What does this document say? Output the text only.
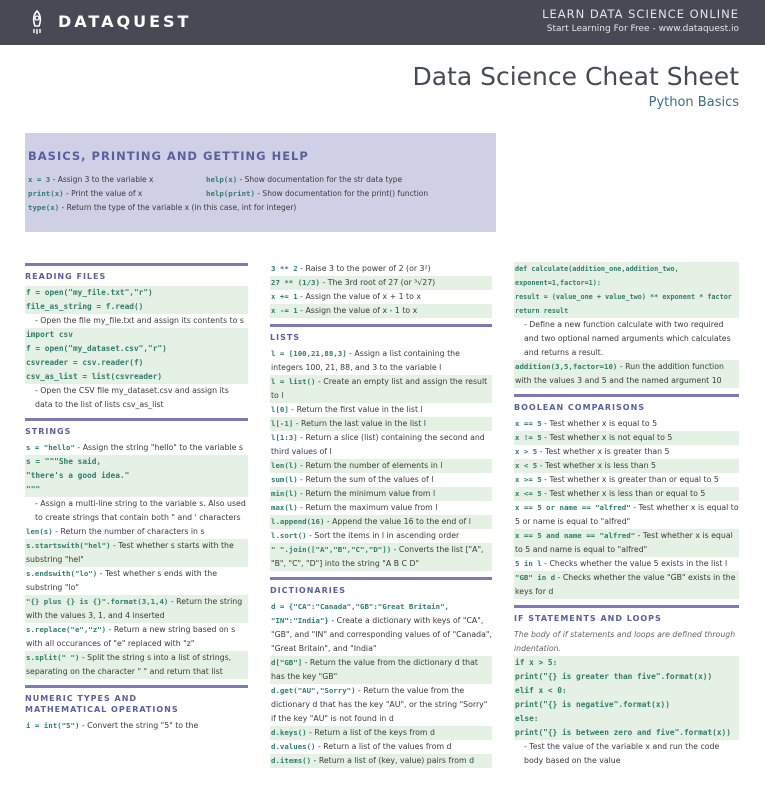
DATAQUEST	LEARN DATA SCIENCE ONLINE
Start Learning For Free - www.dataquest.io
Data Science Cheat Sheet
Python Basics
BASICS, PRINTING AND GETTING HELP
x = 3 - Assign 3 to the variable x	help(x) - Show documentation for the str data type
print(x) - Print the value of x	help(print) - Show documentation for the print() function
type(x) - Return the type of the variable x (in this case, int for integer)
READING FILES
f = open("my_file.txt","r")
file_as_string = f.read()
- Open the file my_file.txt and assign its contents to s
import csv
f = open("my_dataset.csv","r")
csvreader = csv.reader(f)
csv_as_list = list(csvreader)
- Open the CSV file my_dataset.csv and assign its data to the list of lists csv_as_list
STRINGS
s = "hello" - Assign the string "hello" to the variable s
s = """She said,
"there's a good idea."
"""
- Assign a multi-line string to the variable s. Also used to create strings that contain both " and ' characters
len(s) - Return the number of characters in s
s.startswith("hel") - Test whether s starts with the substring "hel"
s.endswith("lo") - Test whether s ends with the substring "lo"
"{} plus {} is {}".format(3,1,4) - Return the string with the values 3, 1, and 4 inserted
s.replace("e","z") - Return a new string based on s with all occurances of "e" replaced with "z"
s.split(" ") - Split the string s into a list of strings, separating on the character " " and return that list
NUMERIC TYPES AND
MATHEMATICAL OPERATIONS
i = int("5") - Convert the string "5" to the
3 ** 2 - Raise 3 to the power of 2 (or 3²)
27 ** (1/3) - The 3rd root of 27 (or ³√27)
x += 1 - Assign the value of x + 1 to x
x -= 1 - Assign the value of x - 1 to x
LISTS
l = [100,21,88,3] - Assign a list containing the integers 100, 21, 88, and 3 to the variable l
l = list() - Create an empty list and assign the result to l
l[0] - Return the first value in the list l
l[-1] - Return the last value in the list l
l[1:3] - Return a slice (list) containing the second and third values of l
len(l) - Return the number of elements in l
sum(l) - Return the sum of the values of l
min(l) - Return the minimum value from l
max(l) - Return the maximum value from l
l.append(16) - Append the value 16 to the end of l
l.sort() - Sort the items in l in ascending order
" ".join(["A","B","C","D"]) - Converts the list ["A", "B", "C", "D"] into the string "A B C D"
DICTIONARIES
d = {"CA":"Canada","GB":"Great Britain", "IN":"India"} - Create a dictionary with keys of "CA", "GB", and "IN" and corresponding values of of "Canada", "Great Britain", and "India"
d["GB"] - Return the value from the dictionary d that has the key "GB"
d.get("AU","Sorry") - Return the value from the dictionary d that has the key "AU", or the string "Sorry" if the key "AU" is not found in d
d.keys() - Return a list of the keys from d
d.values() - Return a list of the values from d
d.items() - Return a list of (key, value) pairs from d
def calculate(addition_one,addition_two,
exponent=1,factor=1):
result = (value_one + value_two) ** exponent * factor
return result
- Define a new function calculate with two required and two optional named arguments which calculates and returns a result.
addition(3,5,factor=10) - Run the addition function with the values 3 and 5 and the named argument 10
BOOLEAN COMPARISONS
x == 5 - Test whether x is equal to 5
x != 5 - Test whether x is not equal to 5
x > 5 - Test whether x is greater than 5
x < 5 - Test whether x is less than 5
x >= 5 - Test whether x is greater than or equal to 5
x <= 5 - Test whether x is less than or equal to 5
x == 5 or name == "alfred" - Test whether x is equal to 5 or name is equal to "alfred"
x == 5 and name == "alfred" - Test whether x is equal to 5 and name is equal to "alfred"
5 in l - Checks whether the value 5 exists in the list l
"GB" in d - Checks whether the value "GB" exists in the keys for d
IF STATEMENTS AND LOOPS
The body of if statements and loops are defined through indentation.
if x > 5:
print("{} is greater than five".format(x))
elif x < 0:
print("{} is negative".format(x))
else:
print("{} is between zero and five".format(x))
- Test the value of the variable x and run the code body based on the value
